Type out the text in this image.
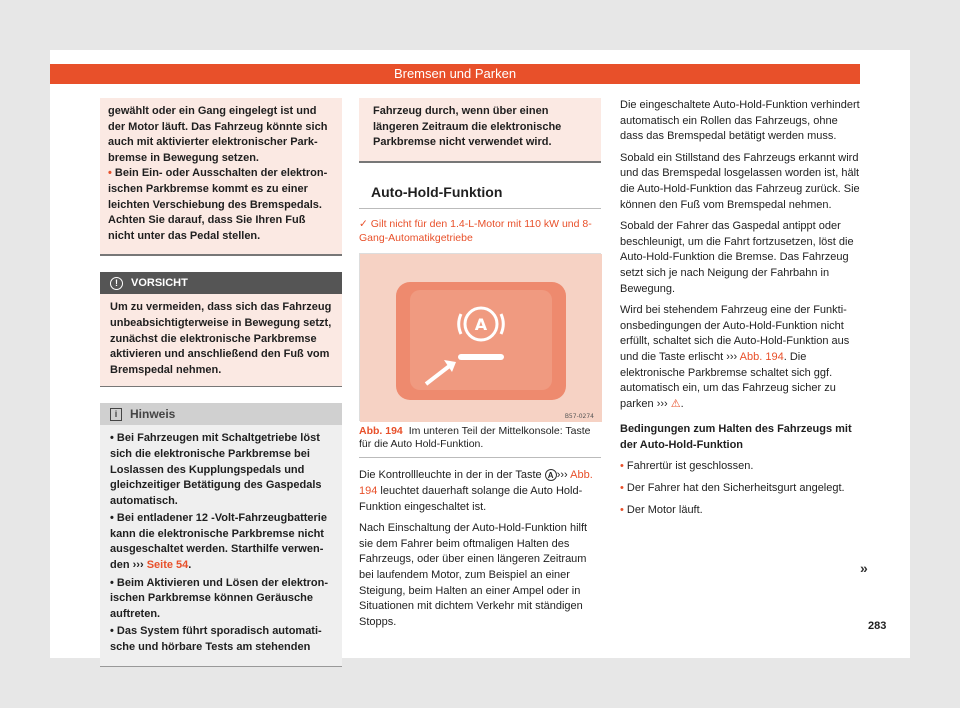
Bremsen und Parken

gewählt oder ein Gang eingelegt ist und der Motor läuft. Das Fahrzeug könnte sich auch mit aktivierter elektronischer Parkbremse in Bewegung setzen.

• Bein Ein- oder Ausschalten der elektronischen Parkbremse kommt es zu einer leichten Verschiebung des Bremspedals. Achten Sie darauf, dass Sie Ihren Fuß nicht unter das Pedal stellen.

!	VORSICHT
Um zu vermeiden, dass sich das Fahrzeug unbeabsichtigterweise in Bewegung setzt, zunächst die elektronische Parkbremse aktivieren und anschließend den Fuß vom Bremspedal nehmen.
i	Hinweis

• Bei Fahrzeugen mit Schaltgetriebe löst sich die elektronische Parkbremse bei Loslassen des Kupplungspedals und gleichzeitiger Betätigung des Gaspedals automatisch.

• Bei entladener 12 -Volt-Fahrzeugbatterie kann die elektronische Parkbremse nicht ausgeschaltet werden. Starthilfe verwenden ››› Seite 54.

• Beim Aktivieren und Lösen der elektronischen Parkbremse können Geräusche auftreten.

• Das System führt sporadisch automatische und hörbare Tests am stehenden

Fahrzeug durch, wenn über einen längeren Zeitraum die elektronische Parkbremse nicht verwendet wird.
Auto-Hold-Funktion
✓ Gilt nicht für den 1.4-L-Motor mit 110 kW und 8-Gang-Automatikgetriebe
A
B57-0274
Abb. 194 Im unteren Teil der Mittelkonsole: Taste für die Auto Hold-Funktion.

Die Kontrollleuchte in der in der Taste A ››› Abb. 194 leuchtet dauerhaft solange die Auto Hold-Funktion eingeschaltet ist.

Nach Einschaltung der Auto-Hold-Funktion hilft sie dem Fahrer beim oftmaligen Halten des Fahrzeugs, oder über einen längeren Zeitraum bei laufendem Motor, zum Beispiel an einer Steigung, beim Halten an einer Ampel oder in Situationen mit dichtem Verkehr mit ständigen Stopps.

Die eingeschaltete Auto-Hold-Funktion verhindert automatisch ein Rollen das Fahrzeugs, ohne dass das Bremspedal betätigt werden muss.

Sobald ein Stillstand des Fahrzeugs erkannt wird und das Bremspedal losgelassen worden ist, hält die Auto-Hold-Funktion das Fahrzeug zurück. Sie können den Fuß vom Bremspedal nehmen.

Sobald der Fahrer das Gaspedal antippt oder beschleunigt, um die Fahrt fortzusetzen, löst die Auto-Hold-Funktion die Bremse. Das Fahrzeug setzt sich je nach Neigung der Fahrbahn in Bewegung.

Wird bei stehendem Fahrzeug eine der Funktionsbedingungen der Auto-Hold-Funktion nicht erfüllt, schaltet sich die Auto-Hold-Funktion aus und die Taste erlischt ››› Abb. 194. Die elektronische Parkbremse schaltet sich ggf. automatisch ein, um das Fahrzeug sicher zu parken ››› ⚠.

Bedingungen zum Halten des Fahrzeugs mit der Auto-Hold-Funktion

• Fahrertür ist geschlossen.

• Der Fahrer hat den Sicherheitsgurt angelegt.

• Der Motor läuft.

»
283
